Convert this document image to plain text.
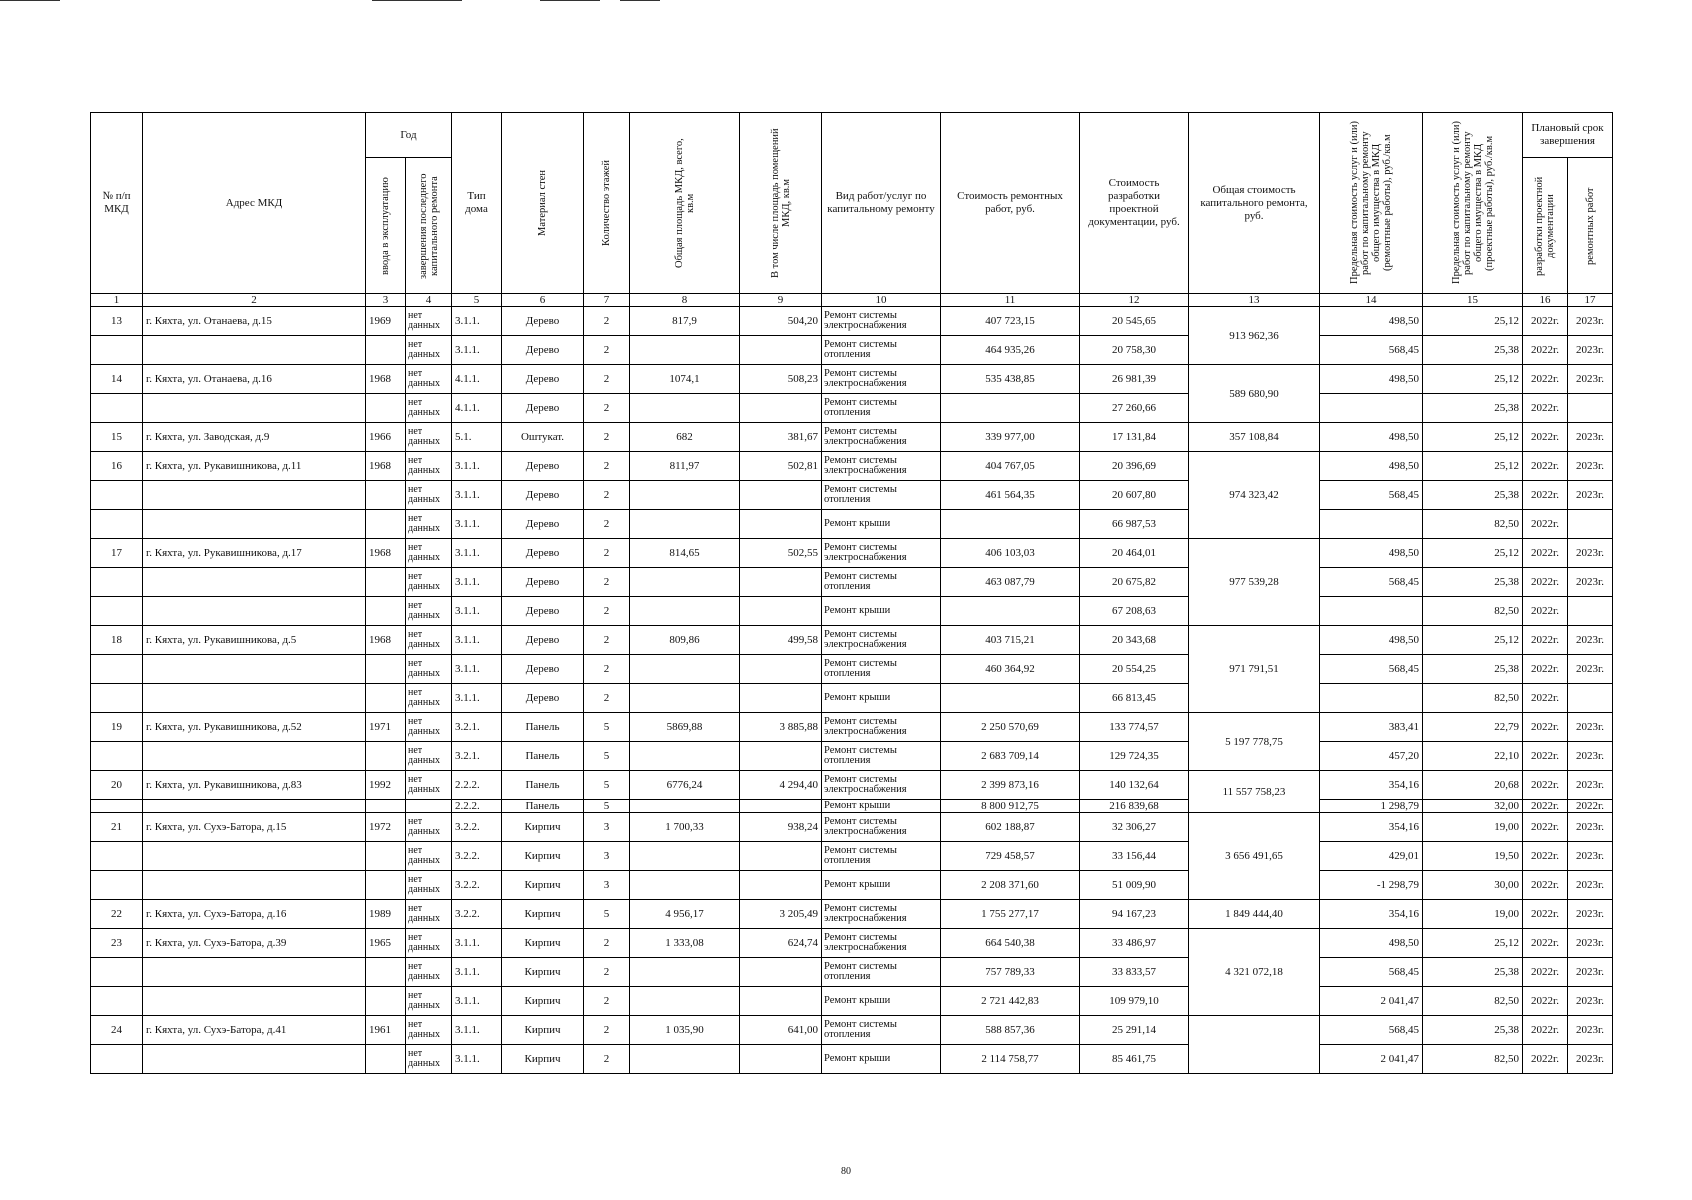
№ п/п МКД	Адрес МКД	Год		Тип дома	Материал стен	Количество этажей	Общая площадь МКД, всего, кв.м	В том числе площадь помещений МКД, кв.м	Вид работ/услуг по капитальному ремонту	Стоимость ремонтных работ, руб.	Стоимость разработки проектной документации, руб.	Общая стоимость капитального ремонта, руб.	Предельная стоимость услуг и (или) работ по капитальному ремонту общего имущества в МКД (ремонтные работы), руб./кв.м	Предельная стоимость услуг и (или) работ по капитальному ремонту общего имущества в МКД (проектные работы), руб./кв.м	Плановый срок завершения	

		ввода в эксплуатацию	завершения последнего капитального ремонта												разработки проектной документации	ремонтных работ

1	2	3	4	5	6	7	8	9	10	11	12	13	14	15	16	17
13	г. Кяхта, ул. Отанаева, д.15	1969	нет данных	3.1.1.	Дерево	2	817,9	504,20	Ремонт системы электроснабжения	407 723,15	20 545,65	913 962,36	498,50	25,12	2022г.	2023г.
			нет данных	3.1.1.	Дерево	2			Ремонт системы отопления	464 935,26	20 758,30		568,45	25,38	2022г.	2023г.
14	г. Кяхта, ул. Отанаева, д.16	1968	нет данных	4.1.1.	Дерево	2	1074,1	508,23	Ремонт системы электроснабжения	535 438,85	26 981,39	589 680,90	498,50	25,12	2022г.	2023г.
			нет данных	4.1.1.	Дерево	2			Ремонт системы отопления		27 260,66			25,38	2022г.	
15	г. Кяхта, ул. Заводская, д.9	1966	нет данных	5.1.	Оштукат.	2	682	381,67	Ремонт системы электроснабжения	339 977,00	17 131,84	357 108,84	498,50	25,12	2022г.	2023г.
16	г. Кяхта, ул. Рукавишникова, д.11	1968	нет данных	3.1.1.	Дерево	2	811,97	502,81	Ремонт системы электроснабжения	404 767,05	20 396,69	974 323,42	498,50	25,12	2022г.	2023г.
			нет данных	3.1.1.	Дерево	2			Ремонт системы отопления	461 564,35	20 607,80		568,45	25,38	2022г.	2023г.
			нет данных	3.1.1.	Дерево	2			Ремонт крыши		66 987,53			82,50	2022г.	
17	г. Кяхта, ул. Рукавишникова, д.17	1968	нет данных	3.1.1.	Дерево	2	814,65	502,55	Ремонт системы электроснабжения	406 103,03	20 464,01	977 539,28	498,50	25,12	2022г.	2023г.
			нет данных	3.1.1.	Дерево	2			Ремонт системы отопления	463 087,79	20 675,82		568,45	25,38	2022г.	2023г.
			нет данных	3.1.1.	Дерево	2			Ремонт крыши		67 208,63			82,50	2022г.	
18	г. Кяхта, ул. Рукавишникова, д.5	1968	нет данных	3.1.1.	Дерево	2	809,86	499,58	Ремонт системы электроснабжения	403 715,21	20 343,68	971 791,51	498,50	25,12	2022г.	2023г.
			нет данных	3.1.1.	Дерево	2			Ремонт системы отопления	460 364,92	20 554,25		568,45	25,38	2022г.	2023г.
			нет данных	3.1.1.	Дерево	2			Ремонт крыши		66 813,45			82,50	2022г.	
19	г. Кяхта, ул. Рукавишникова, д.52	1971	нет данных	3.2.1.	Панель	5	5869,88	3 885,88	Ремонт системы электроснабжения	2 250 570,69	133 774,57	5 197 778,75	383,41	22,79	2022г.	2023г.
			нет данных	3.2.1.	Панель	5			Ремонт системы отопления	2 683 709,14	129 724,35		457,20	22,10	2022г.	2023г.
20	г. Кяхта, ул. Рукавишникова, д.83	1992	нет данных	2.2.2.	Панель	5	6776,24	4 294,40	Ремонт системы электроснабжения	2 399 873,16	140 132,64	11 557 758,23	354,16	20,68	2022г.	2023г.
				2.2.2.	Панель	5			Ремонт крыши	8 800 912,75	216 839,68		1 298,79	32,00	2022г.	2022г.
21	г. Кяхта, ул. Сухэ-Батора, д.15	1972	нет данных	3.2.2.	Кирпич	3	1 700,33	938,24	Ремонт системы электроснабжения	602 188,87	32 306,27	3 656 491,65	354,16	19,00	2022г.	2023г.
			нет данных	3.2.2.	Кирпич	3			Ремонт системы отопления	729 458,57	33 156,44		429,01	19,50	2022г.	2023г.
			нет данных	3.2.2.	Кирпич	3			Ремонт крыши	2 208 371,60	51 009,90		-1 298,79	30,00	2022г.	2023г.
22	г. Кяхта, ул. Сухэ-Батора, д.16	1989	нет данных	3.2.2.	Кирпич	5	4 956,17	3 205,49	Ремонт системы электроснабжения	1 755 277,17	94 167,23	1 849 444,40	354,16	19,00	2022г.	2023г.
23	г. Кяхта, ул. Сухэ-Батора, д.39	1965	нет данных	3.1.1.	Кирпич	2	1 333,08	624,74	Ремонт системы электроснабжения	664 540,38	33 486,97	4 321 072,18	498,50	25,12	2022г.	2023г.
			нет данных	3.1.1.	Кирпич	2			Ремонт системы отопления	757 789,33	33 833,57		568,45	25,38	2022г.	2023г.
			нет данных	3.1.1.	Кирпич	2			Ремонт крыши	2 721 442,83	109 979,10		2 041,47	82,50	2022г.	2023г.
24	г. Кяхта, ул. Сухэ-Батора, д.41	1961	нет данных	3.1.1.	Кирпич	2	1 035,90	641,00	Ремонт системы отопления	588 857,36	25 291,14		568,45	25,38	2022г.	2023г.
			нет данных	3.1.1.	Кирпич	2			Ремонт крыши	2 114 758,77	85 461,75		2 041,47	82,50	2022г.	2023г.
80
